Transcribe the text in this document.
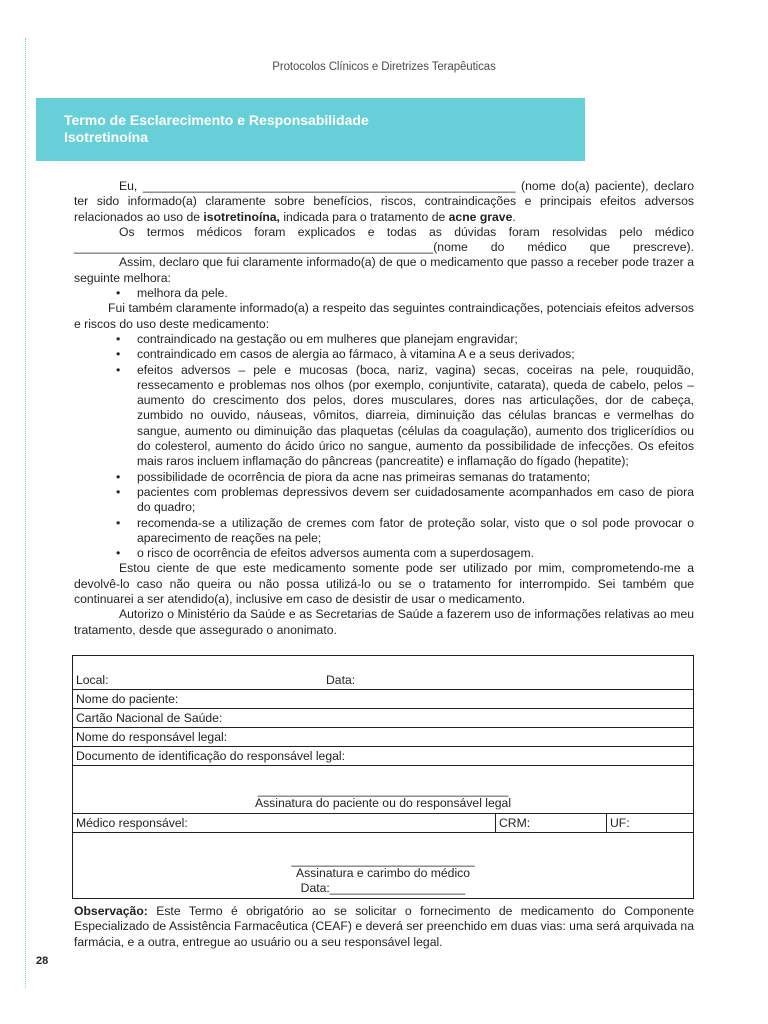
Protocolos Clínicos e Diretrizes Terapêuticas
Termo de Esclarecimento e Responsabilidade
Isotretinoína

Eu, _______________________________________________________ (nome do(a) paciente), declaro ter sido informado(a) claramente sobre benefícios, riscos, contraindicações e principais efeitos adversos relacionados ao uso de isotretinoína, indicada para o tratamento de acne grave.

Os termos médicos foram explicados e todas as dúvidas foram resolvidas pelo médico

_____________________________________________________(nome do médico que prescreve).

Assim, declaro que fui claramente informado(a) de que o medicamento que passo a receber pode trazer a seguinte melhora:

• melhora da pele.

Fui também claramente informado(a) a respeito das seguintes contraindicações, potenciais efeitos adversos e riscos do uso deste medicamento:

• contraindicado na gestação ou em mulheres que planejam engravidar;
• contraindicado em casos de alergia ao fármaco, à vitamina A e a seus derivados;
• efeitos adversos – pele e mucosas (boca, nariz, vagina) secas, coceiras na pele, rouquidão, ressecamento e problemas nos olhos (por exemplo, conjuntivite, catarata), queda de cabelo, pelos – aumento do crescimento dos pelos, dores musculares, dores nas articulações, dor de cabeça, zumbido no ouvido, náuseas, vômitos, diarreia, diminuição das células brancas e vermelhas do sangue, aumento ou diminuição das plaquetas (células da coagulação), aumento dos triglicerídios ou do colesterol, aumento do ácido úrico no sangue, aumento da possibilidade de infecções. Os efeitos mais raros incluem inflamação do pâncreas (pancreatite) e inflamação do fígado (hepatite);
• possibilidade de ocorrência de piora da acne nas primeiras semanas do tratamento;
• pacientes com problemas depressivos devem ser cuidadosamente acompanhados em caso de piora do quadro;
• recomenda-se a utilização de cremes com fator de proteção solar, visto que o sol pode provocar o aparecimento de reações na pele;
• o risco de ocorrência de efeitos adversos aumenta com a superdosagem.

Estou ciente de que este medicamento somente pode ser utilizado por mim, comprometendo-me a devolvê-lo caso não queira ou não possa utilizá-lo ou se o tratamento for interrompido. Sei também que continuarei a ser atendido(a), inclusive em caso de desistir de usar o medicamento.

Autorizo o Ministério da Saúde e as Secretarias de Saúde a fazerem uso de informações relativas ao meu tratamento, desde que assegurado o anonimato.

Local:	Data:
Nome do paciente:
Cartão Nacional de Saúde:
Nome do responsável legal:
Documento de identificação do responsável legal:

_____________________________________
Assinatura do paciente ou do responsável legal

Médico responsável:	CRM:	UF:

___________________________
Assinatura e carimbo do médico
Data:____________________
Observação: Este Termo é obrigatório ao se solicitar o fornecimento de medicamento do Componente Especializado de Assistência Farmacêutica (CEAF) e deverá ser preenchido em duas vias: uma será arquivada na farmácia, e a outra, entregue ao usuário ou a seu responsável legal.
28
